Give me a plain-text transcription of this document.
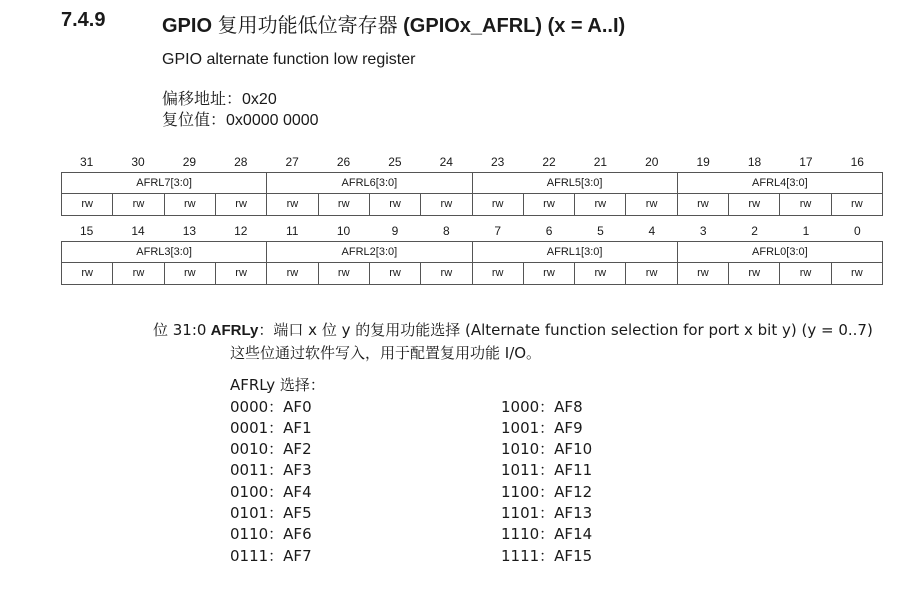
7.4.9	GPIO 复用功能低位寄存器 (GPIOx_AFRL) (x = A..I)
GPIO alternate function low register
偏移地址：0x20
复位值：0x0000 0000
31	30	29	28	27	26	25	24	23	22	21	20	19	18	17	16
AFRL7[3:0]	AFRL6[3:0]	AFRL5[3:0]	AFRL4[3:0]
rw	rw	rw	rw	rw	rw	rw	rw	rw	rw	rw	rw	rw	rw	rw	rw
15	14	13	12	11	10	9	8	7	6	5	4	3	2	1	0
AFRL3[3:0]	AFRL2[3:0]	AFRL1[3:0]	AFRL0[3:0]
rw	rw	rw	rw	rw	rw	rw	rw	rw	rw	rw	rw	rw	rw	rw	rw
位 31:0 AFRLy：端口 x 位 y 的复用功能选择 (Alternate function selection for port x bit y) (y = 0..7)
这些位通过软件写入，用于配置复用功能 I/O。
AFRLy 选择：
0000：AF0
0001：AF1
0010：AF2
0011：AF3
0100：AF4
0101：AF5
0110：AF6
0111：AF7
1000：AF8
1001：AF9
1010：AF10
1011：AF11
1100：AF12
1101：AF13
1110：AF14
1111：AF15
